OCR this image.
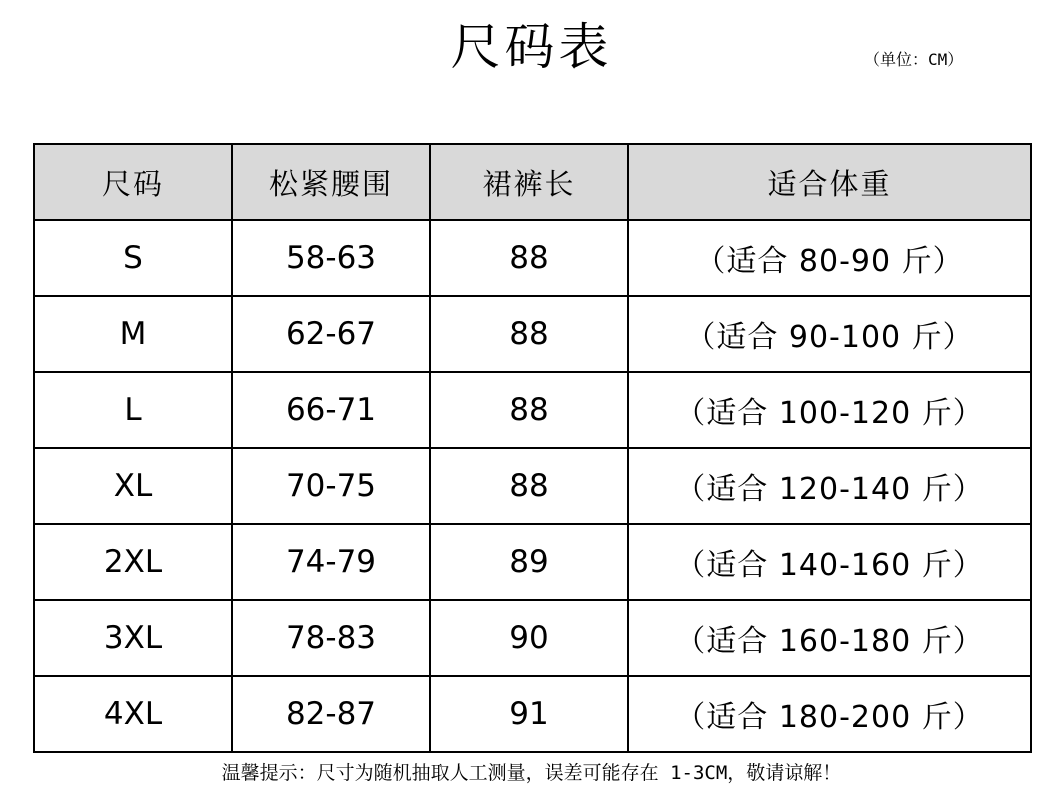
尺码表	（单位：CM）
尺码	松紧腰围	裙裤长	适合体重
S	58-63	88	（适合 80-90 斤）
M	62-67	88	（适合 90-100 斤）
L	66-71	88	（适合 100-120 斤）
XL	70-75	88	（适合 120-140 斤）
2XL	74-79	89	（适合 140-160 斤）
3XL	78-83	90	（适合 160-180 斤）
4XL	82-87	91	（适合 180-200 斤）
温馨提示：尺寸为随机抽取人工测量，误差可能存在 1-3CM，敬请谅解！
